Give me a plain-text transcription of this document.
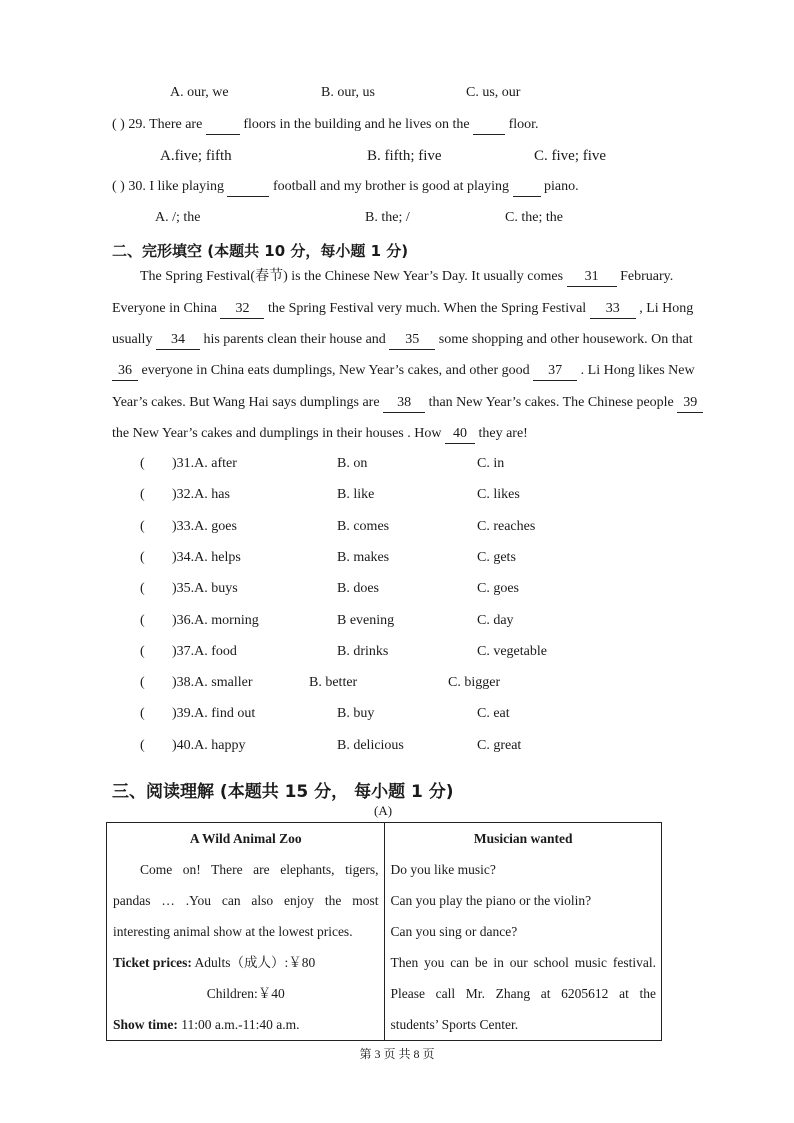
A. our, we	B. our, us	C. us, our
( ) 29. There are	floors in the building and he lives on the	floor.
A.five; fifth	B. fifth; five	C. five; five
( ) 30. I like playing	football and my brother is good at playing	piano.
A. /; the	B. the; /	C. the; the
二、完形填空 (本题共 10 分，每小题 1 分)
The Spring Festival(春节) is the Chinese New Year’s Day. It usually comes 31 February.
Everyone in China 32 the Spring Festival very much. When the Spring Festival 33 , Li Hong
usually 34 his parents clean their house and 35 some shopping and other housework. On that
36 everyone in China eats dumplings, New Year’s cakes, and other good 37 . Li Hong likes New
Year’s cakes. But Wang Hai says dumplings are 38 than New Year’s cakes. The Chinese people 39
the New Year’s cakes and dumplings in their houses . How 40 they are!
( )31.A. after	B. on	C. in
( )32.A. has	B. like	C. likes
( )33.A. goes	B. comes	C. reaches
( )34.A. helps	B. makes	C. gets
( )35.A. buys	B. does	C. goes
( )36.A. morning	B evening	C. day
( )37.A. food	B. drinks	C. vegetable
( )38.A. smaller	B. better	C. bigger
( )39.A. find out	B. buy	C. eat
( )40.A. happy	B. delicious	C. great
三、阅读理解 (本题共 15 分， 每小题 1 分)
(A)
A Wild Animal Zoo
Come on! There are elephants, tigers,
pandas … .You can also enjoy the most
interesting animal show at the lowest prices.
Ticket prices: Adults（成人）:￥80
Children:￥40
Show time: 11:00 a.m.-11:40 a.m.

Musician wanted
Do you like music?
Can you play the piano or the violin?
Can you sing or dance?
Then you can be in our school music festival.
Please call Mr. Zhang at 6205612 at the
students’ Sports Center.
第 3 页 共 8 页
